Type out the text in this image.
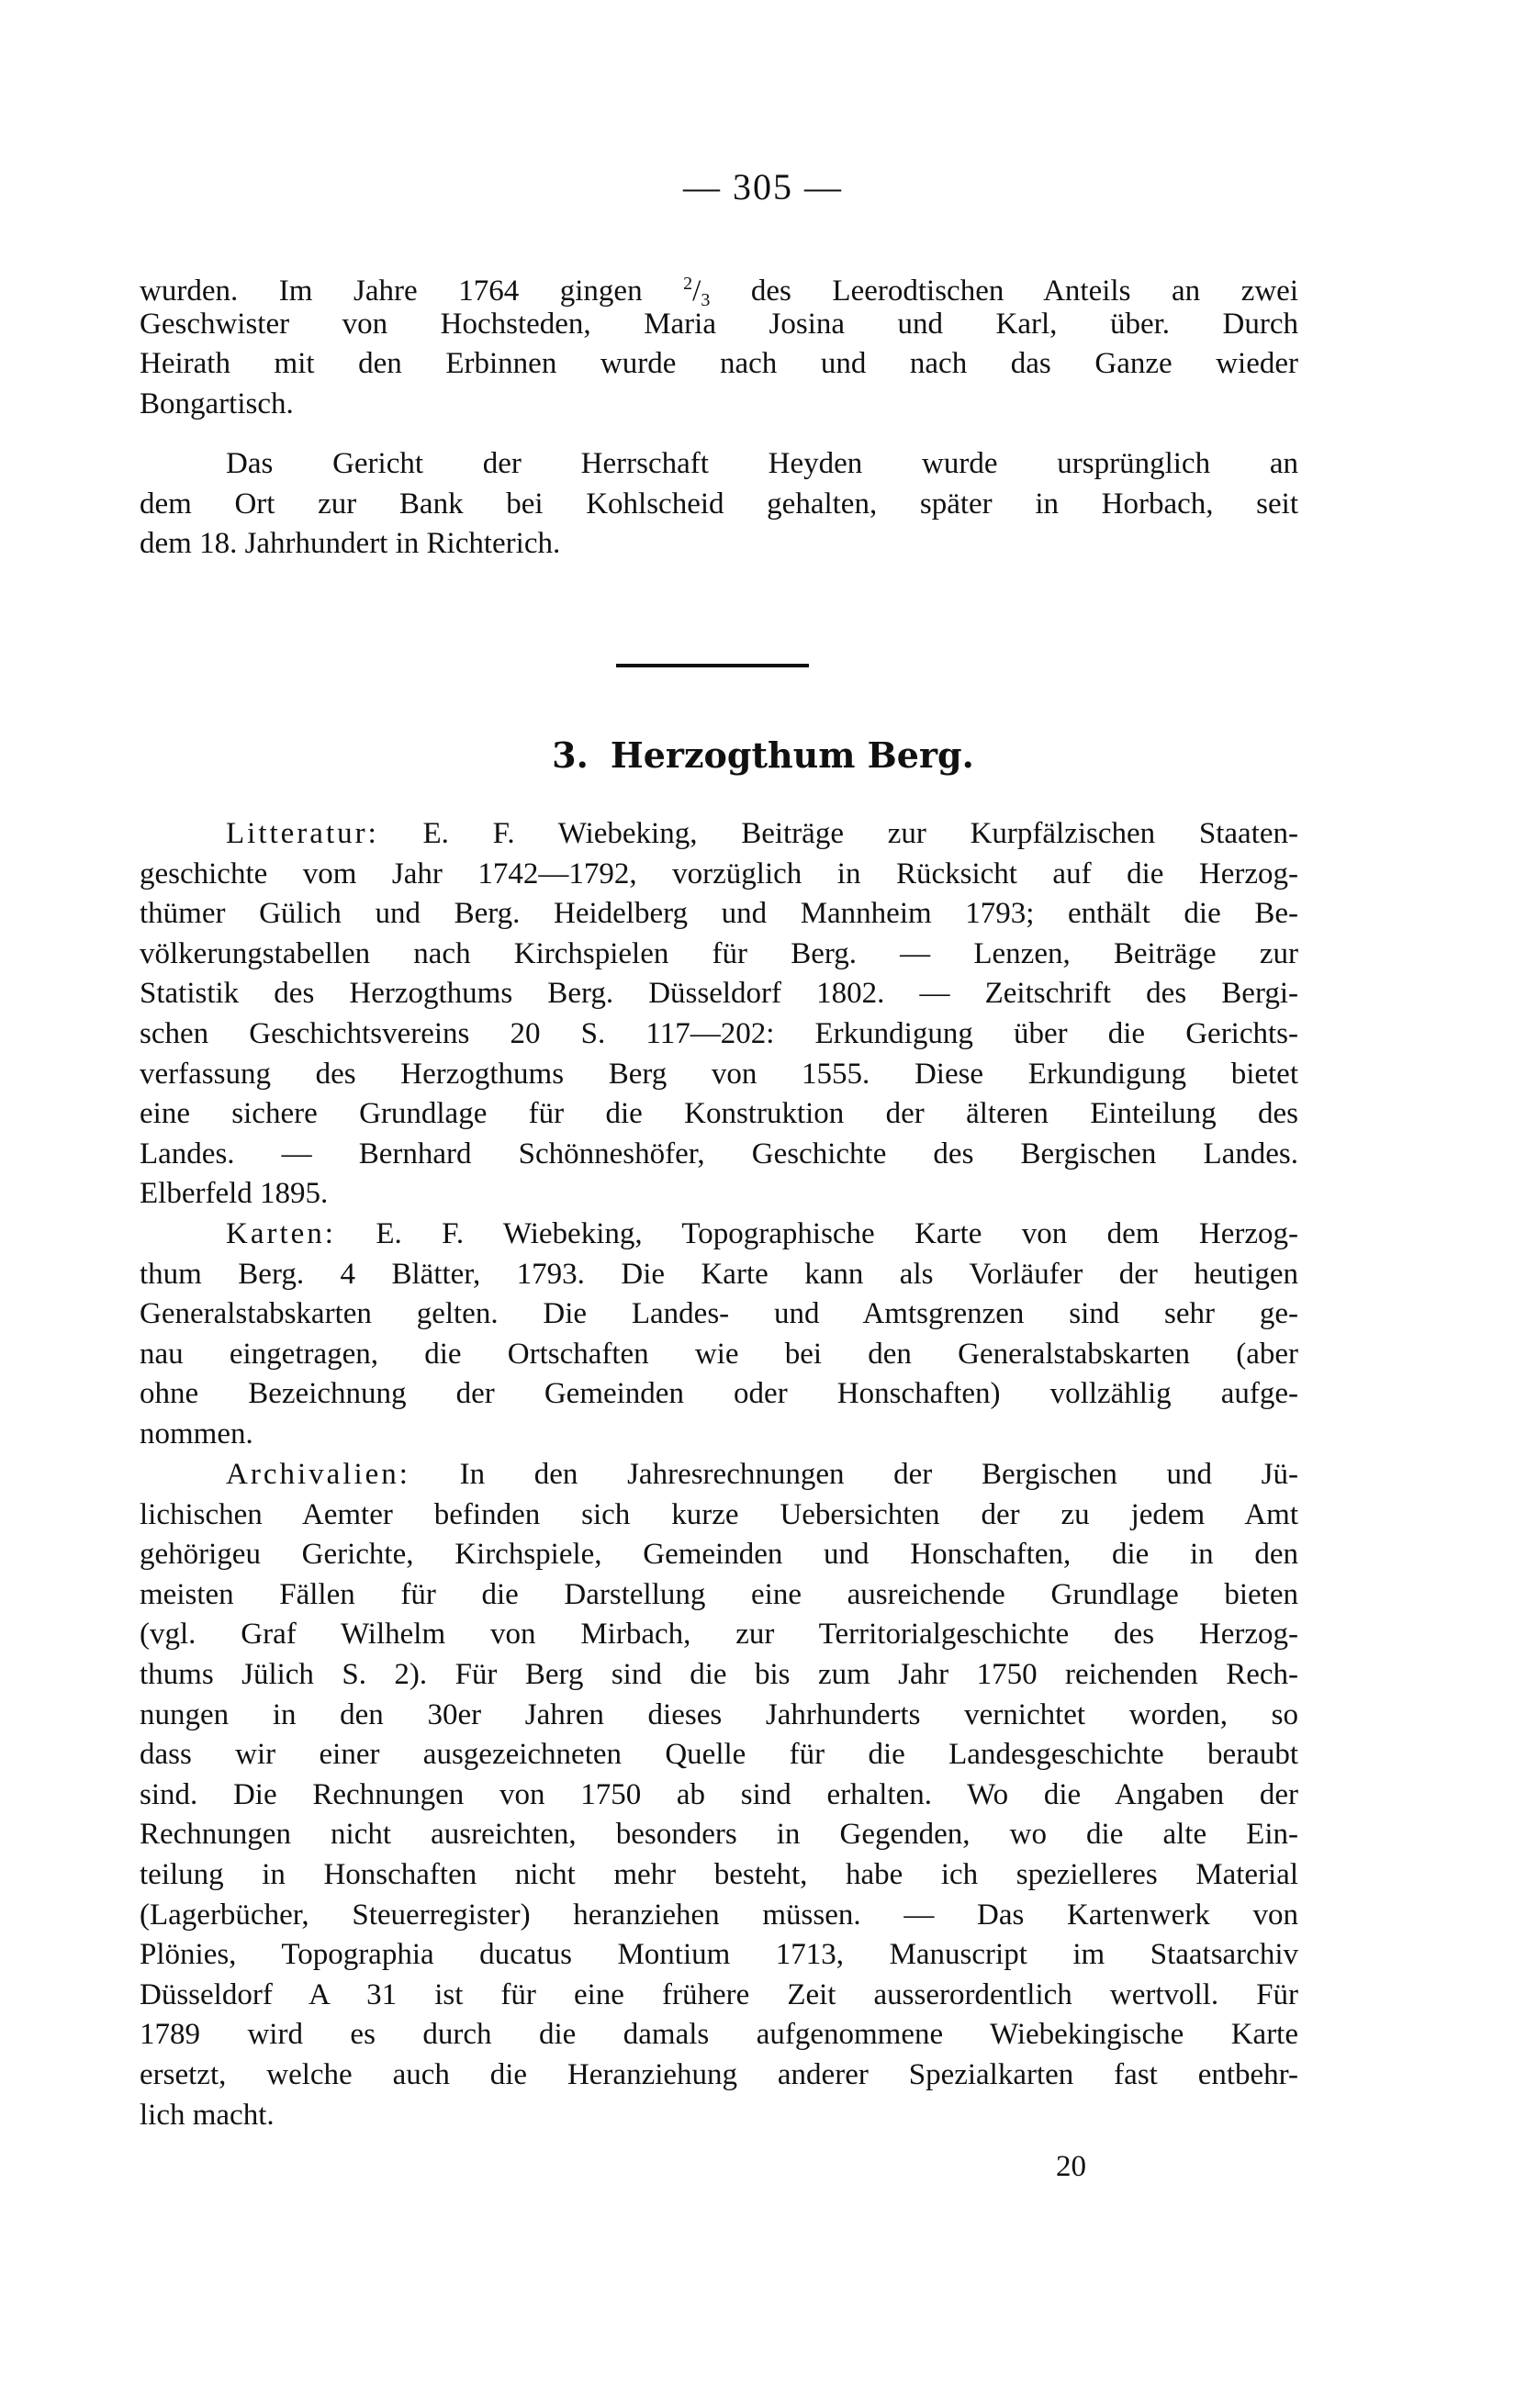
— 305 —
wurden. Im Jahre 1764 gingen $^2$/3 des Leerodtischen Anteils an zwei
Geschwister von Hochsteden, Maria Josina und Karl, über. Durch
Heirath mit den Erbinnen wurde nach und nach das Ganze wieder
Bongartisch.
Das Gericht der Herrschaft Heyden wurde ursprünglich an
dem Ort zur Bank bei Kohlscheid gehalten, später in Horbach, seit
dem 18. Jahrhundert in Richterich.
3. Herzogthum Berg.
Litteratur: E. F. Wiebeking, Beiträge zur Kurpfälzischen Staaten-
geschichte vom Jahr 1742—1792, vorzüglich in Rücksicht auf die Herzog-
thümer Gülich und Berg. Heidelberg und Mannheim 1793; enthält die Be-
völkerungstabellen nach Kirchspielen für Berg. — Lenzen, Beiträge zur
Statistik des Herzogthums Berg. Düsseldorf 1802. — Zeitschrift des Bergi-
schen Geschichtsvereins 20 S. 117—202: Erkundigung über die Gerichts-
verfassung des Herzogthums Berg von 1555. Diese Erkundigung bietet
eine sichere Grundlage für die Konstruktion der älteren Einteilung des
Landes. — Bernhard Schönneshöfer, Geschichte des Bergischen Landes.
Elberfeld 1895.
Karten: E. F. Wiebeking, Topographische Karte von dem Herzog-
thum Berg. 4 Blätter, 1793. Die Karte kann als Vorläufer der heutigen
Generalstabskarten gelten. Die Landes- und Amtsgrenzen sind sehr ge-
nau eingetragen, die Ortschaften wie bei den Generalstabskarten (aber
ohne Bezeichnung der Gemeinden oder Honschaften) vollzählig aufge-
nommen.
Archivalien: In den Jahresrechnungen der Bergischen und Jü-
lichischen Aemter befinden sich kurze Uebersichten der zu jedem Amt
gehörigeu Gerichte, Kirchspiele, Gemeinden und Honschaften, die in den
meisten Fällen für die Darstellung eine ausreichende Grundlage bieten
(vgl. Graf Wilhelm von Mirbach, zur Territorialgeschichte des Herzog-
thums Jülich S. 2). Für Berg sind die bis zum Jahr 1750 reichenden Rech-
nungen in den 30er Jahren dieses Jahrhunderts vernichtet worden, so
dass wir einer ausgezeichneten Quelle für die Landesgeschichte beraubt
sind. Die Rechnungen von 1750 ab sind erhalten. Wo die Angaben der
Rechnungen nicht ausreichten, besonders in Gegenden, wo die alte Ein-
teilung in Honschaften nicht mehr besteht, habe ich spezielleres Material
(Lagerbücher, Steuerregister) heranziehen müssen. — Das Kartenwerk von
Plönies, Topographia ducatus Montium 1713, Manuscript im Staatsarchiv
Düsseldorf A 31 ist für eine frühere Zeit ausserordentlich wertvoll. Für
1789 wird es durch die damals aufgenommene Wiebekingische Karte
ersetzt, welche auch die Heranziehung anderer Spezialkarten fast entbehr-
lich macht.
20
